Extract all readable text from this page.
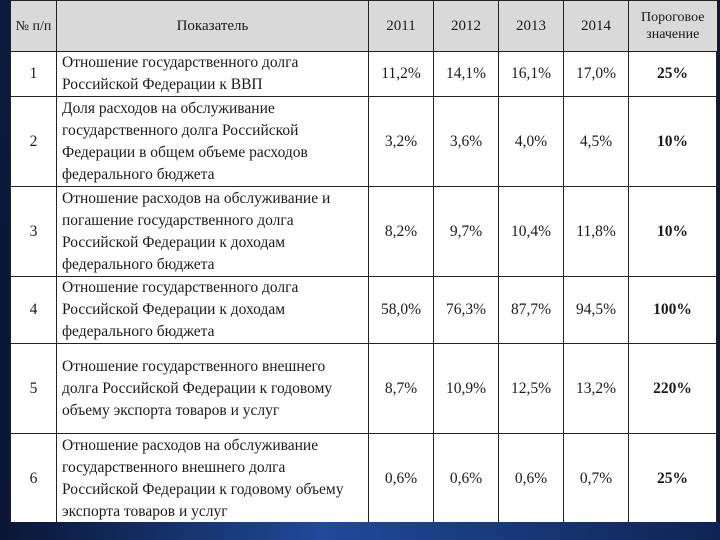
№ п/п	Показатель	2011	2012	2013	2014	Пороговое значение
1	Отношение государственного долга Российской Федерации к ВВП	11,2%	14,1%	16,1%	17,0%	25%
2	Доля расходов на обслуживание государственного долга Российской Федерации в общем объеме расходов федерального бюджета	3,2%	3,6%	4,0%	4,5%	10%
3	Отношение расходов на обслуживание и погашение государственного долга Российской Федерации к доходам федерального бюджета	8,2%	9,7%	10,4%	11,8%	10%
4	Отношение государственного долга Российской Федерации к доходам федерального бюджета	58,0%	76,3%	87,7%	94,5%	100%
5	Отношение государственного внешнего долга Российской Федерации к годовому объему экспорта товаров и услуг	8,7%	10,9%	12,5%	13,2%	220%
6	Отношение расходов на обслуживание государственного внешнего долга Российской Федерации к годовому объему экспорта товаров и услуг	0,6%	0,6%	0,6%	0,7%	25%
